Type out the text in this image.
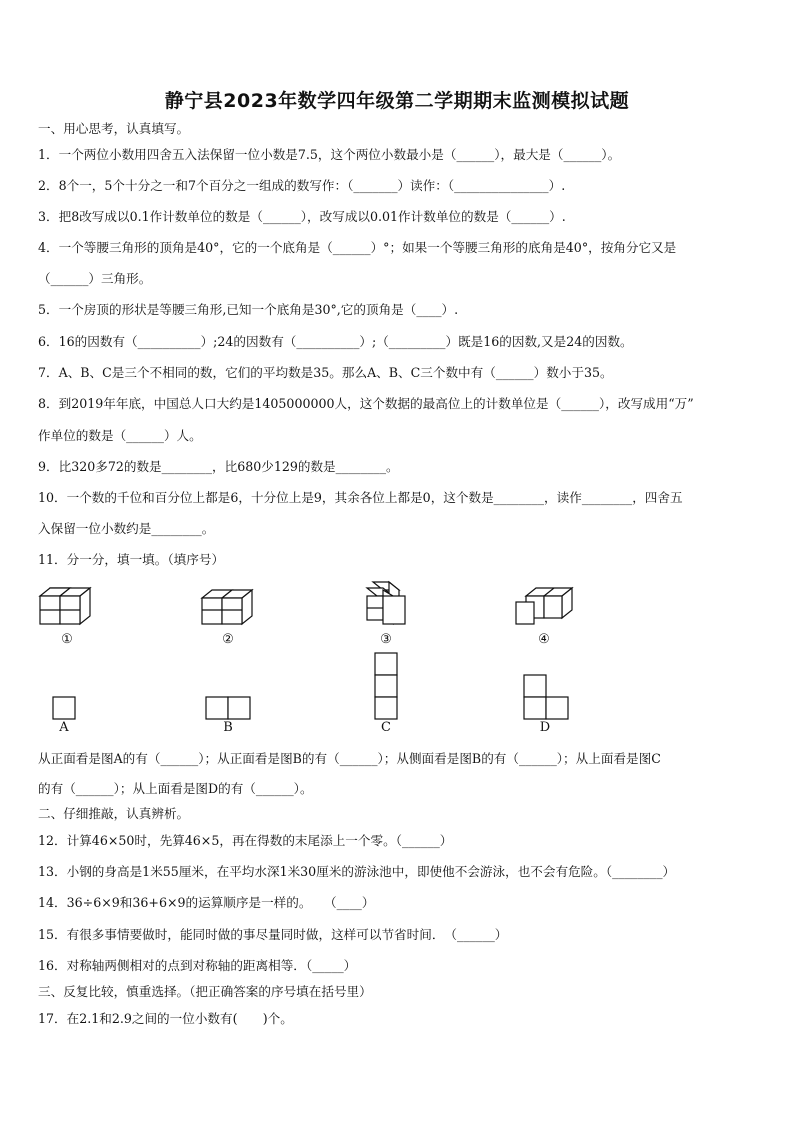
静宁县2023年数学四年级第二学期期末监测模拟试题
一、用心思考，认真填写。
1．一个两位小数用四舍五入法保留一位小数是7.5，这个两位小数最小是（______），最大是（______）。
2．8个一，5个十分之一和7个百分之一组成的数写作：（_______）读作：（_______________）.
3．把8改写成以0.1作计数单位的数是（______），改写成以0.01作计数单位的数是（______）.
4．一个等腰三角形的顶角是40°，它的一个底角是（______）°；如果一个等腰三角形的底角是40°，按角分它又是
（______）三角形。
5．一个房顶的形状是等腰三角形,已知一个底角是30°,它的顶角是（____）.
6．16的因数有（__________）;24的因数有（__________）;（_________）既是16的因数,又是24的因数。
7．A、B、C是三个不相同的数，它们的平均数是35。那么A、B、C三个数中有（______）数小于35。
8．到2019年年底，中国总人口大约是1405000000人，这个数据的最高位上的计数单位是（______），改写成用“万”
作单位的数是（______）人。
9．比320多72的数是________，比680少129的数是________。
10．一个数的千位和百分位上都是6，十分位上是9，其余各位上都是0，这个数是________，读作________，四舍五
入保留一位小数约是________。
11．分一分，填一填。（填序号）
①	②	③	④
A	B	C	D
从正面看是图A的有（______）；从正面看是图B的有（______）；从侧面看是图B的有（______）；从上面看是图C
的有（______）；从上面看是图D的有（______）。
二、仔细推敲，认真辨析。
12．计算46×50时，先算46×5，再在得数的末尾添上一个零。（______）
13．小钢的身高是1米55厘米，在平均水深1米30厘米的游泳池中，即使他不会游泳，也不会有危险。（________）
14．36÷6×9和36+6×9的运算顺序是一样的。　　（____）
15．有很多事情要做时，能同时做的事尽量同时做，这样可以节省时间．　（______）
16．对称轴两侧相对的点到对称轴的距离相等．（_____）
三、反复比较，慎重选择。（把正确答案的序号填在括号里）
17．在2.1和2.9之间的一位小数有(　　)个。
